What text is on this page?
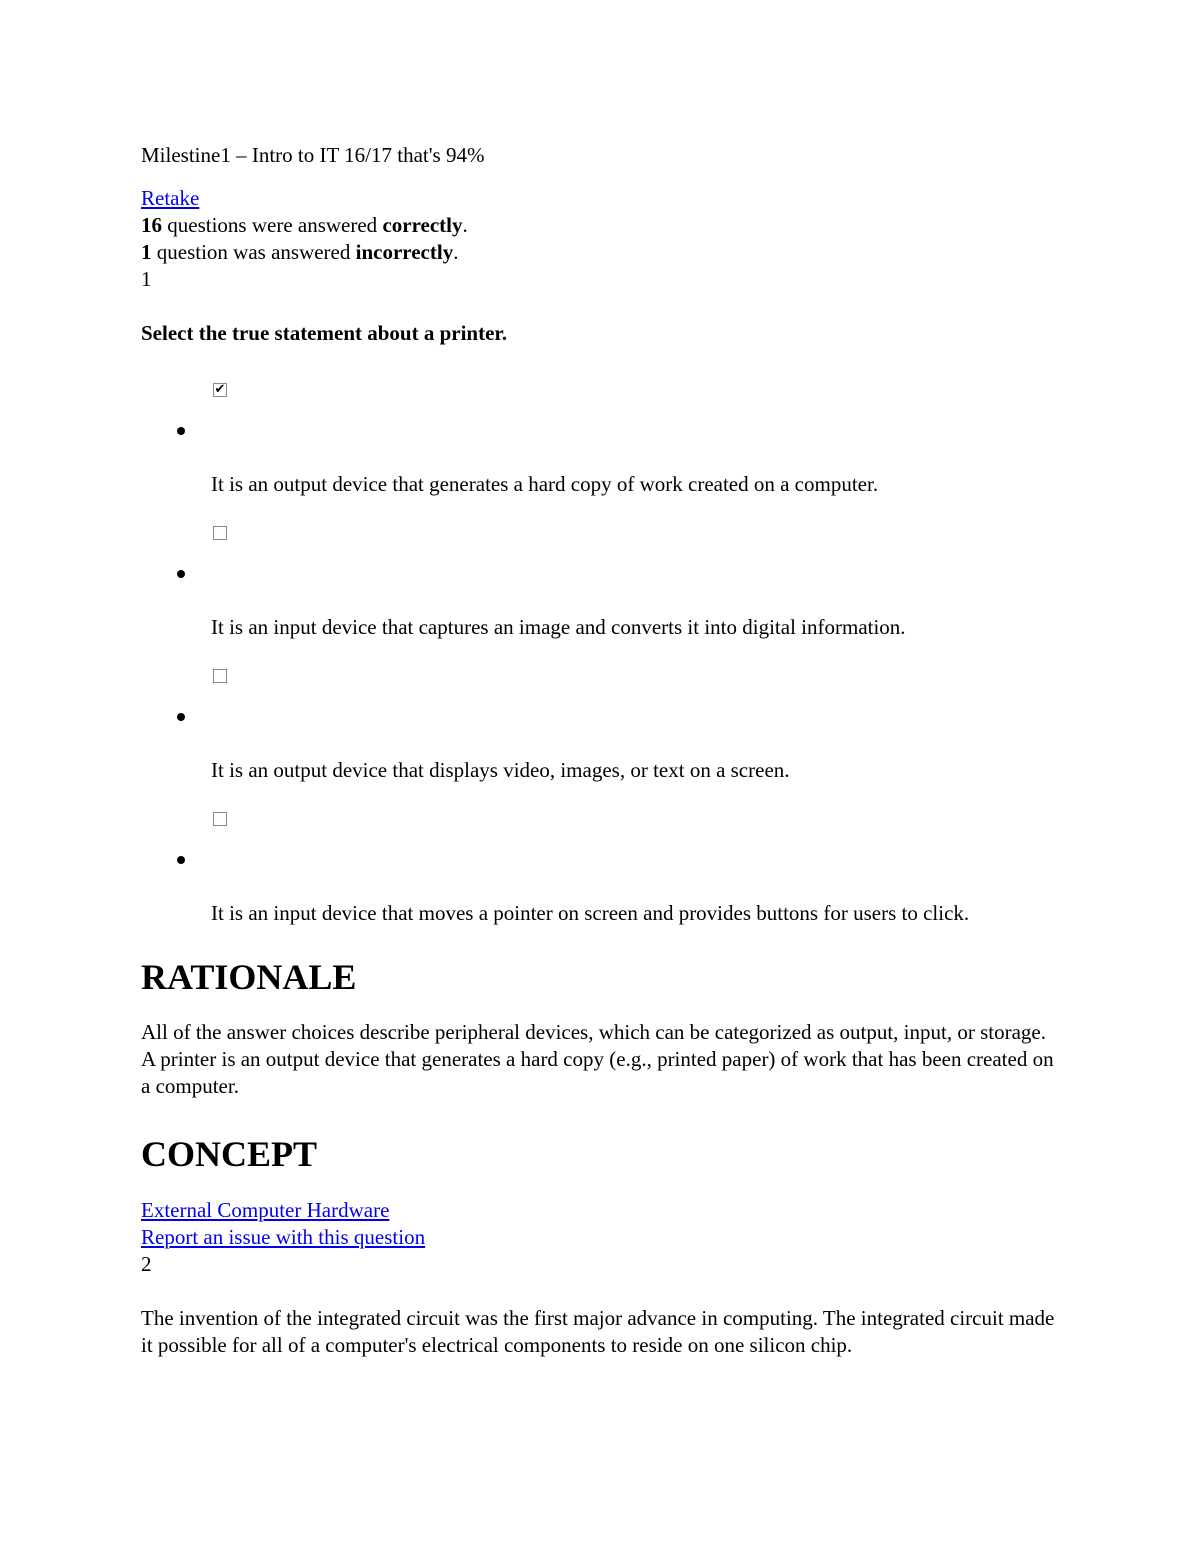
Milestine1 – Intro to IT 16/17 that's 94%

Retake

16 questions were answered correctly.

1 question was answered incorrectly.

1

Select the true statement about a printer.

✔
It is an output device that generates a hard copy of work created on a computer.
It is an input device that captures an image and converts it into digital information.
It is an output device that displays video, images, or text on a screen.
It is an input device that moves a pointer on screen and provides buttons for users to click.
RATIONALE

All of the answer choices describe peripheral devices, which can be categorized as output, input, or storage. A printer is an output device that generates a hard copy (e.g., printed paper) of work that has been created on a computer.

CONCEPT

External Computer Hardware

Report an issue with this question

2

The invention of the integrated circuit was the first major advance in computing. The integrated circuit made it possible for all of a computer's electrical components to reside on one silicon chip.
